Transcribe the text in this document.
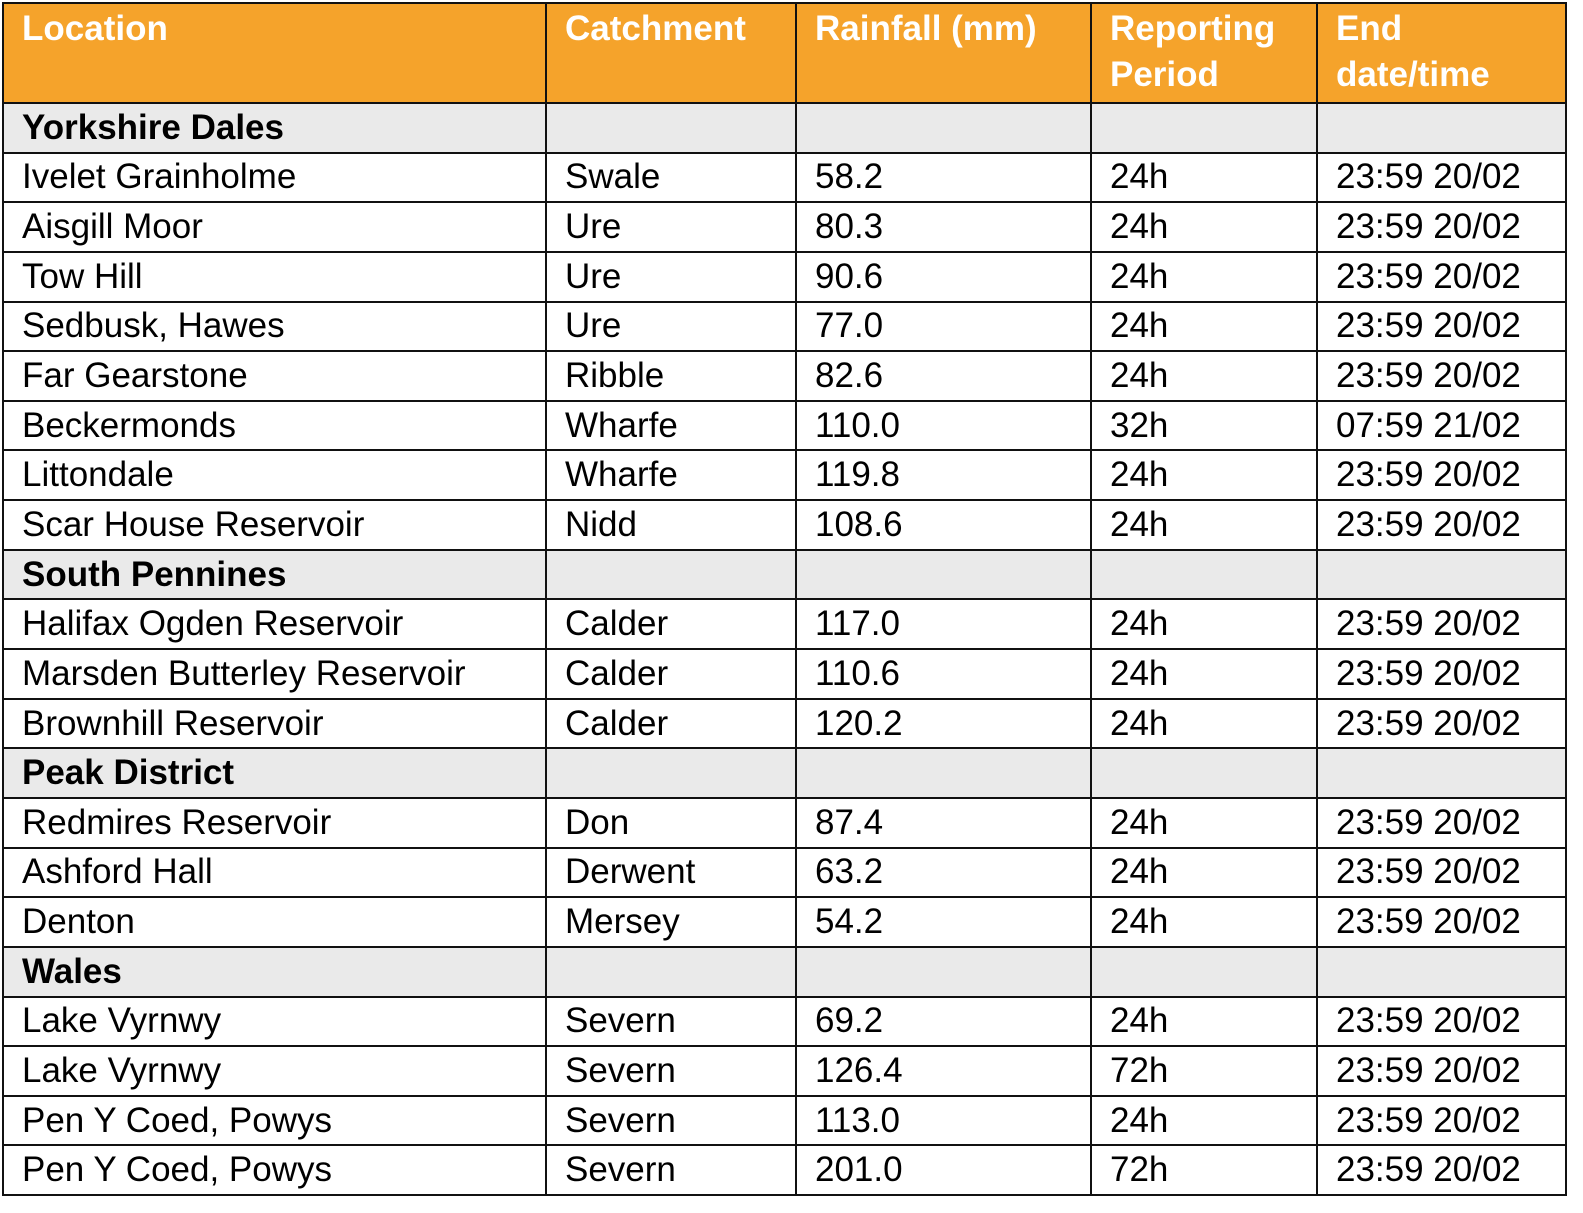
Location	Catchment	Rainfall (mm)	Reporting Period	End date/time
Yorkshire Dales				
Ivelet Grainholme	Swale	58.2	24h	23:59 20/02
Aisgill Moor	Ure	80.3	24h	23:59 20/02
Tow Hill	Ure	90.6	24h	23:59 20/02
Sedbusk, Hawes	Ure	77.0	24h	23:59 20/02
Far Gearstone	Ribble	82.6	24h	23:59 20/02
Beckermonds	Wharfe	110.0	32h	07:59 21/02
Littondale	Wharfe	119.8	24h	23:59 20/02
Scar House Reservoir	Nidd	108.6	24h	23:59 20/02
South Pennines				
Halifax Ogden Reservoir	Calder	117.0	24h	23:59 20/02
Marsden Butterley Reservoir	Calder	110.6	24h	23:59 20/02
Brownhill Reservoir	Calder	120.2	24h	23:59 20/02
Peak District				
Redmires Reservoir	Don	87.4	24h	23:59 20/02
Ashford Hall	Derwent	63.2	24h	23:59 20/02
Denton	Mersey	54.2	24h	23:59 20/02
Wales				
Lake Vyrnwy	Severn	69.2	24h	23:59 20/02
Lake Vyrnwy	Severn	126.4	72h	23:59 20/02
Pen Y Coed, Powys	Severn	113.0	24h	23:59 20/02
Pen Y Coed, Powys	Severn	201.0	72h	23:59 20/02
